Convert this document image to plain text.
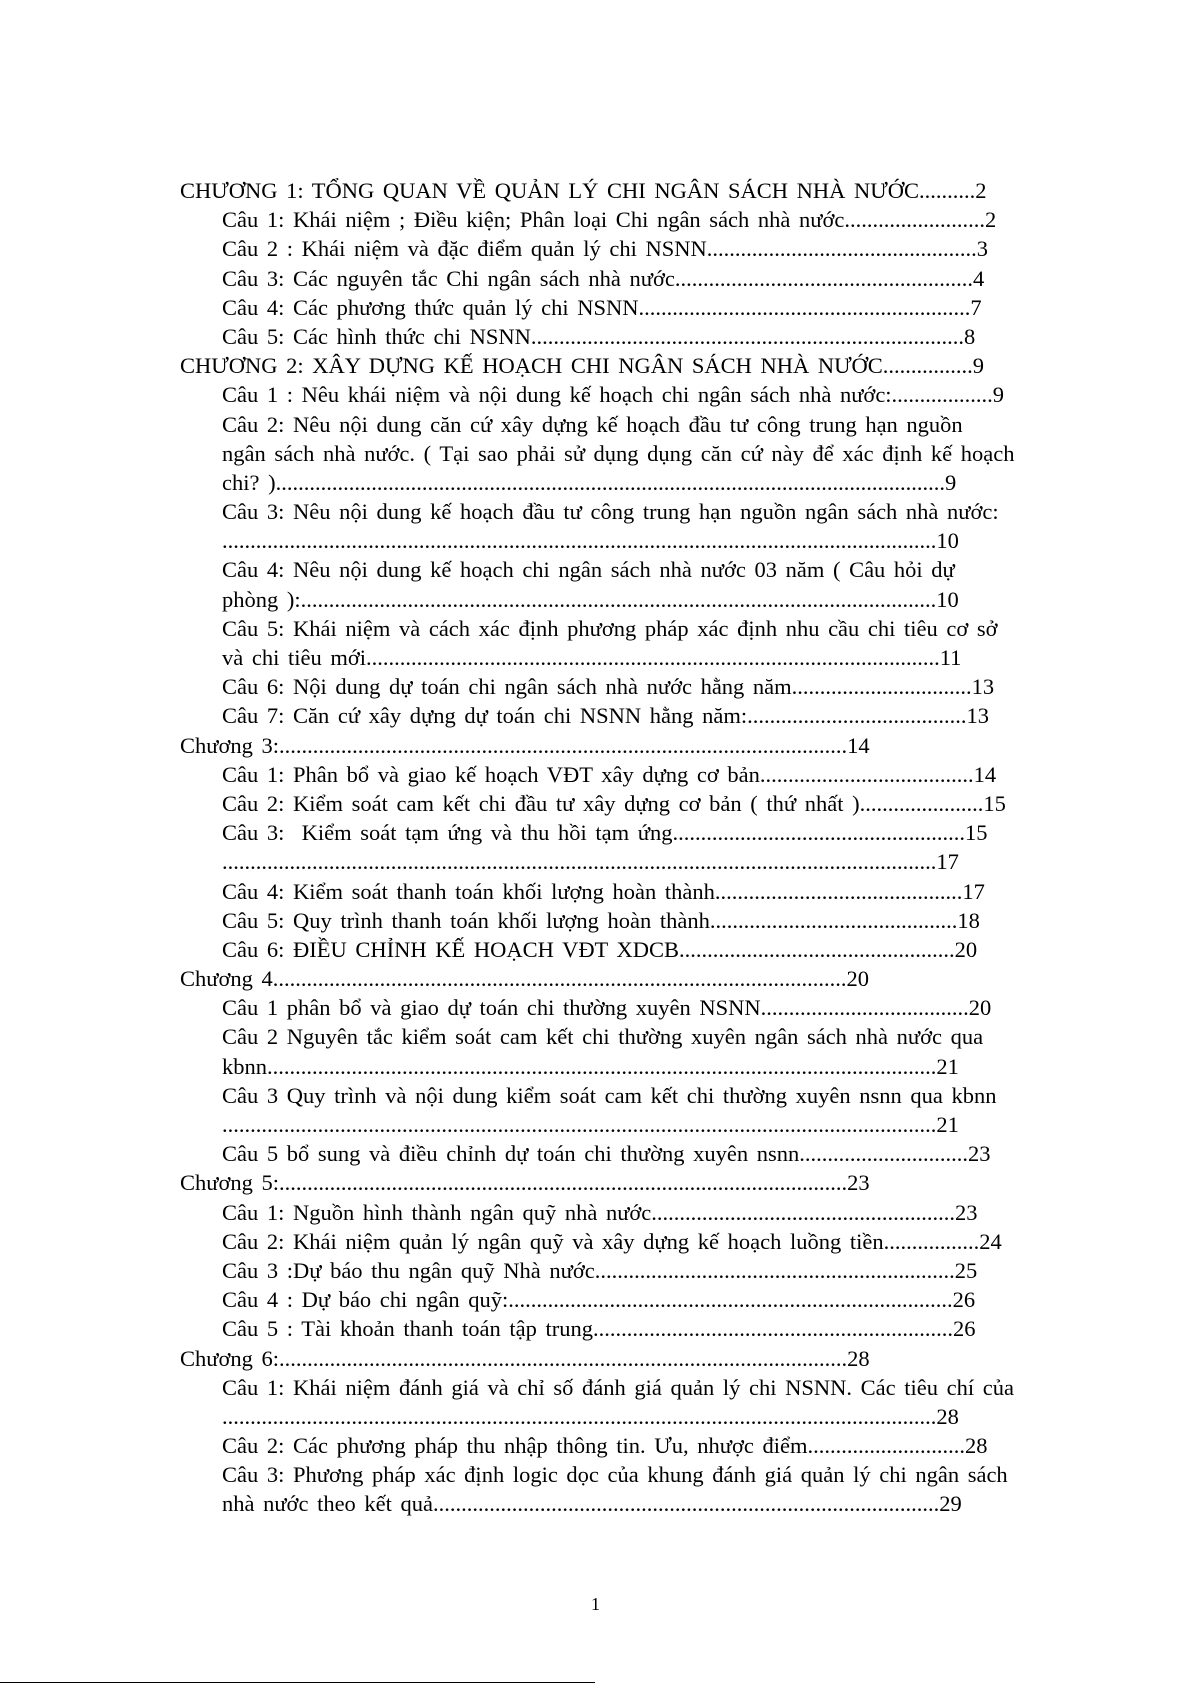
CHƯƠNG 1: TỔNG QUAN VỀ QUẢN LÝ CHI NGÂN SÁCH NHÀ NƯỚC..........2
Câu 1: Khái niệm ; Điều kiện; Phân loại Chi ngân sách nhà nước.........................2
Câu 2 : Khái niệm và đặc điểm quản lý chi NSNN................................................3
Câu 3: Các nguyên tắc Chi ngân sách nhà nước.....................................................4
Câu 4: Các phương thức quản lý chi NSNN...........................................................7
Câu 5: Các hình thức chi NSNN.............................................................................8
CHƯƠNG 2: XÂY DỰNG KẾ HOẠCH CHI NGÂN SÁCH NHÀ NƯỚC................9
Câu 1 : Nêu khái niệm và nội dung kế hoạch chi ngân sách nhà nước:..................9
Câu 2: Nêu nội dung căn cứ xây dựng kế hoạch đầu tư công trung hạn nguồn
ngân sách nhà nước. ( Tại sao phải sử dụng dụng căn cứ này để xác định kế hoạch
chi? ).......................................................................................................................9
Câu 3: Nêu nội dung kế hoạch đầu tư công trung hạn nguồn ngân sách nhà nước:
...............................................................................................................................10
Câu 4: Nêu nội dung kế hoạch chi ngân sách nhà nước 03 năm ( Câu hỏi dự
phòng ):.................................................................................................................10
Câu 5: Khái niệm và cách xác định phương pháp xác định nhu cầu chi tiêu cơ sở
và chi tiêu mới......................................................................................................11
Câu 6: Nội dung dự toán chi ngân sách nhà nước hằng năm................................13
Câu 7: Căn cứ xây dựng dự toán chi NSNN hằng năm:.......................................13
Chương 3:.....................................................................................................14
Câu 1: Phân bổ và giao kế hoạch VĐT xây dựng cơ bản......................................14
Câu 2: Kiểm soát cam kết chi đầu tư xây dựng cơ bản ( thứ nhất )......................15
Câu 3:  Kiểm soát tạm ứng và thu hồi tạm ứng....................................................15
...............................................................................................................................17
Câu 4: Kiểm soát thanh toán khối lượng hoàn thành............................................17
Câu 5: Quy trình thanh toán khối lượng hoàn thành............................................18
Câu 6: ĐIỀU CHỈNH KẾ HOẠCH VĐT XDCB.................................................20
Chương 4......................................................................................................20
Câu 1 phân bổ và giao dự toán chi thường xuyên NSNN.....................................20
Câu 2 Nguyên tắc kiểm soát cam kết chi thường xuyên ngân sách nhà nước qua
kbnn.......................................................................................................................21
Câu 3 Quy trình và nội dung kiểm soát cam kết chi thường xuyên nsnn qua kbnn
...............................................................................................................................21
Câu 5 bổ sung và điều chỉnh dự toán chi thường xuyên nsnn..............................23
Chương 5:.....................................................................................................23
Câu 1: Nguồn hình thành ngân quỹ nhà nước......................................................23
Câu 2: Khái niệm quản lý ngân quỹ và xây dựng kế hoạch luồng tiền.................24
Câu 3 :Dự báo thu ngân quỹ Nhà nước................................................................25
Câu 4 : Dự báo chi ngân quỹ:...............................................................................26
Câu 5 : Tài khoản thanh toán tập trung................................................................26
Chương 6:.....................................................................................................28
Câu 1: Khái niệm đánh giá và chỉ số đánh giá quản lý chi NSNN. Các tiêu chí của
...............................................................................................................................28
Câu 2: Các phương pháp thu nhập thông tin. Ưu, nhược điểm............................28
Câu 3: Phương pháp xác định logic dọc của khung đánh giá quản lý chi ngân sách
nhà nước theo kết quả..........................................................................................29
1
